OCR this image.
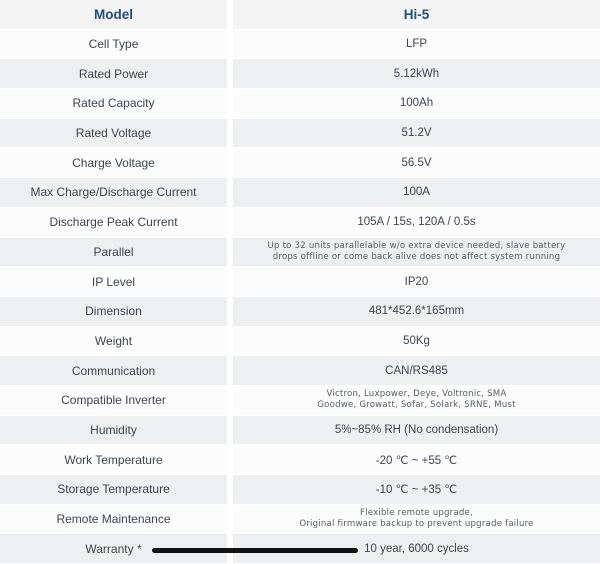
Model	Hi-5
Cell Type	LFP
Rated Power	5.12kWh
Rated Capacity	100Ah
Rated Voltage	51.2V
Charge Voltage	56.5V
Max Charge/Discharge Current	100A
Discharge Peak Current	105A / 15s, 120A / 0.5s
Parallel	Up to 32 units parallelable w/o extra device needed, slave battery
drops offline or come back alive does not affect system running
IP Level	IP20
Dimension	481*452.6*165mm
Weight	50Kg
Communication	CAN/RS485
Compatible Inverter	Victron, Luxpower, Deye, Voltronic, SMA
Goodwe, Growatt, Sofar, Solark, SRNE, Must
Humidity	5%~85% RH (No condensation)
Work Temperature	-20 ℃ ~ +55 ℃
Storage Temperature	-10 ℃ ~ +35 ℃
Remote Maintenance	Flexible remote upgrade,
Original firmware backup to prevent upgrade failure
Warranty *	10 year, 6000 cycles
